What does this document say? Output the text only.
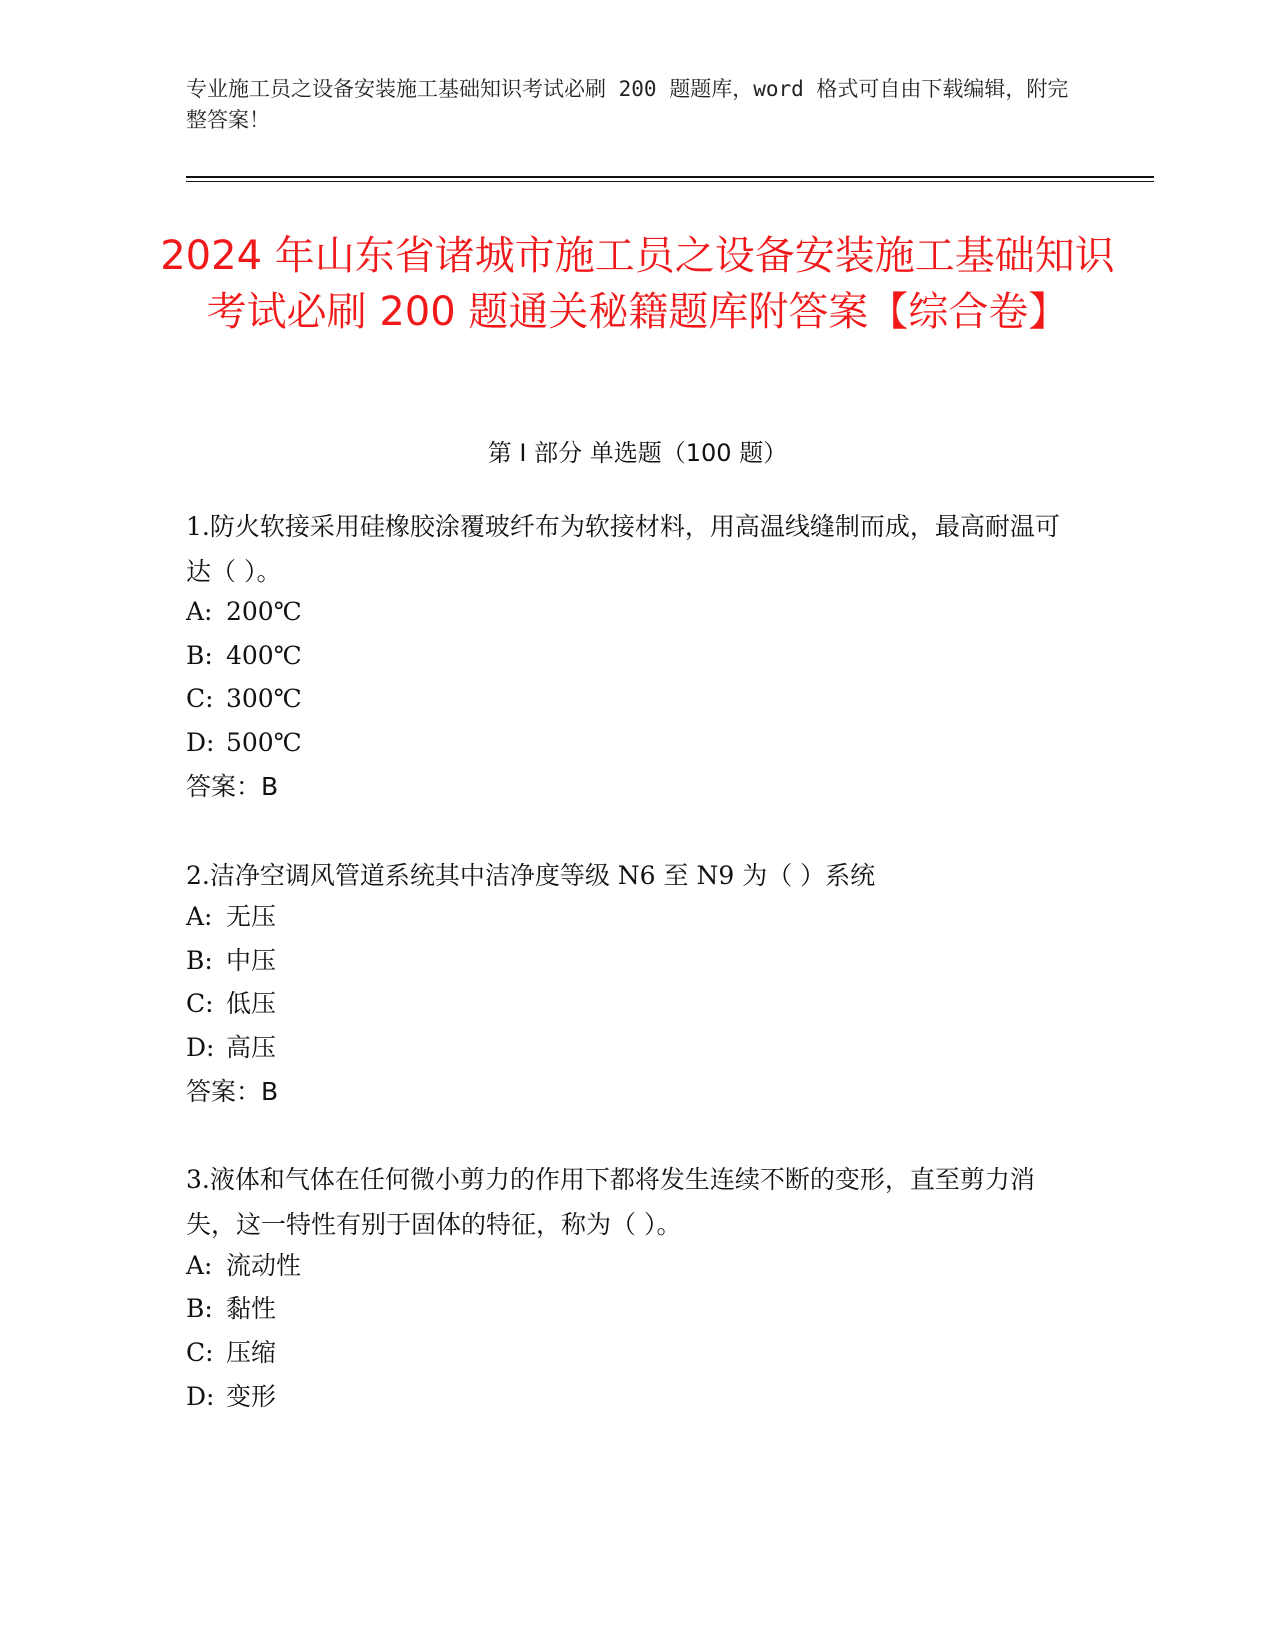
专业施工员之设备安装施工基础知识考试必刷 200 题题库，word 格式可自由下载编辑，附完整答案！
2024 年山东省诸城市施工员之设备安装施工基础知识考试必刷 200 题通关秘籍题库附答案【综合卷】
第 I 部分 单选题（100 题）
1.防火软接采用硅橡胶涂覆玻纤布为软接材料，用高温线缝制而成，最高耐温可达（ ）。
A: 200℃
B: 400℃
C: 300℃
D: 500℃
答案：B
2.洁净空调风管道系统其中洁净度等级 N6 至 N9 为（ ）系统
A: 无压
B: 中压
C: 低压
D: 高压
答案：B
3.液体和气体在任何微小剪力的作用下都将发生连续不断的变形，直至剪力消失，这一特性有别于固体的特征，称为（ ）。
A: 流动性
B: 黏性
C: 压缩
D: 变形
